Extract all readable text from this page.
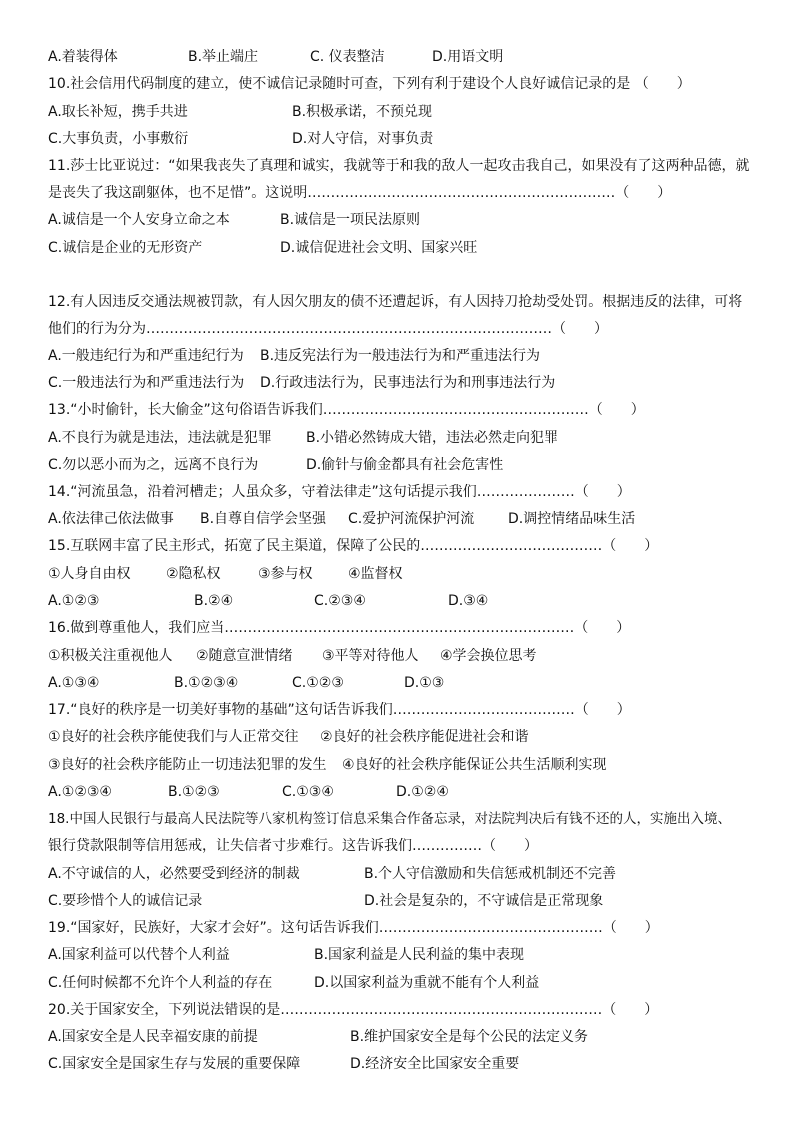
A.着装得体	B.举止端庄	C. 仪表整洁	D.用语文明
10.社会信用代码制度的建立，使不诚信记录随时可查，下列有利于建设个人良好诚信记录的是 （　　）
A.取长补短，携手共进	B.积极承诺，不预兑现
C.大事负责，小事敷衍	D.对人守信，对事负责
11.莎士比亚说过：“如果我丧失了真理和诚实，我就等于和我的敌人一起攻击我自己，如果没有了这两种品德，就
是丧失了我这副躯体，也不足惜”。这说明…………………………………………………………（　　）
A.诚信是一个人安身立命之本	B.诚信是一项民法原则
C.诚信是企业的无形资产	D.诚信促进社会文明、国家兴旺
12.有人因违反交通法规被罚款，有人因欠朋友的债不还遭起诉，有人因持刀抢劫受处罚。根据违反的法律，可将
他们的行为分为……………………………………………………………………………（　　）
A.一般违纪行为和严重违纪行为 B.违反宪法行为一般违法行为和严重违法行为
C.一般违法行为和严重违法行为 D.行政违法行为，民事违法行为和刑事违法行为
13.“小时偷针，长大偷金”这句俗语告诉我们…………………………………………………（　　）
A.不良行为就是违法，违法就是犯罪 B.小错必然铸成大错，违法必然走向犯罪
C.勿以恶小而为之，远离不良行为	D.偷针与偷金都具有社会危害性
14.“河流虽急，沿着河槽走；人虽众多，守着法律走”这句话提示我们…………………（　　）
A.依法律己依法做事 B.自尊自信学会坚强 C.爱护河流保护河流 D.调控情绪品味生活
15.互联网丰富了民主形式，拓宽了民主渠道，保障了公民的…………………………………（　　）
①人身自由权	②隐私权	③参与权	④监督权
A.①②③	B.②④	C.②③④	D.③④
16.做到尊重他人，我们应当…………………………………………………………………（　　）
①积极关注重视他人 ②随意宣泄情绪 ③平等对待他人 ④学会换位思考
A.①③④	B.①②③④	C.①②③	D.①③
17.“良好的秩序是一切美好事物的基础”这句话告诉我们…………………………………（　　）
①良好的社会秩序能使我们与人正常交往 ②良好的社会秩序能促进社会和谐
③良好的社会秩序能防止一切违法犯罪的发生 ④良好的社会秩序能保证公共生活顺利实现
A.①②③④	B.①②③	C.①③④	D.①②④
18.中国人民银行与最高人民法院等八家机构签订信息采集合作备忘录，对法院判决后有钱不还的人，实施出入境、
银行贷款限制等信用惩戒，让失信者寸步难行。这告诉我们……………（　　）
A.不守诚信的人，必然要受到经济的制裁	B.个人守信激励和失信惩戒机制还不完善
C.要珍惜个人的诚信记录	D.社会是复杂的，不守诚信是正常现象
19.“国家好，民族好，大家才会好”。这句话告诉我们…………………………………………（　　）
A.国家利益可以代替个人利益	B.国家利益是人民利益的集中表现
C.任何时候都不允许个人利益的存在	D.以国家利益为重就不能有个人利益
20.关于国家安全，下列说法错误的是……………………………………………………………（　　）
A.国家安全是人民幸福安康的前提	B.维护国家安全是每个公民的法定义务
C.国家安全是国家生存与发展的重要保障	D.经济安全比国家安全重要
